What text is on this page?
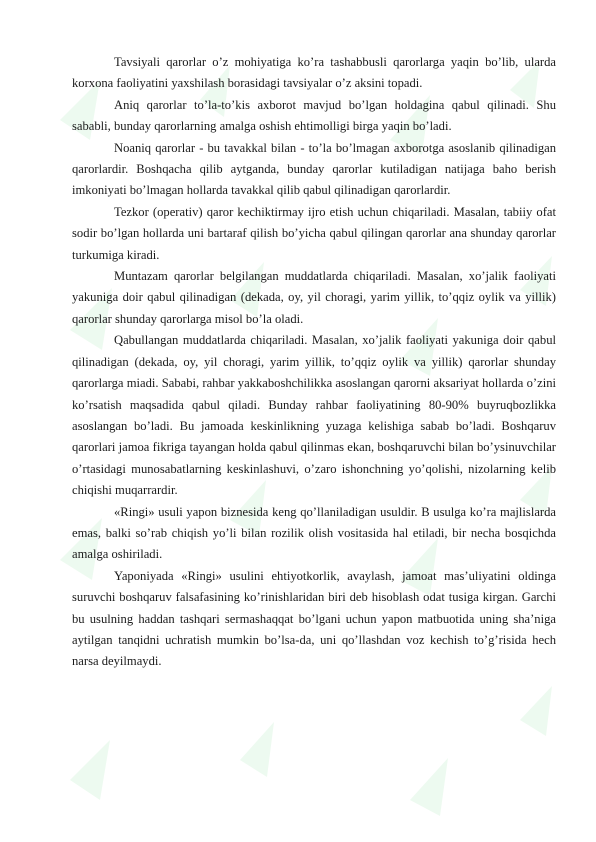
Tavsiyali qarorlar o’z mohiyatiga ko’ra tashabbusli qarorlarga yaqin bo’lib, ularda korxona faoliyatini yaxshilash borasidagi tavsiyalar o’z aksini topadi.

Aniq qarorlar to’la-to’kis axborot mavjud bo’lgan holdagina qabul qilinadi. Shu sababli, bunday qarorlarning amalga oshish ehtimolligi birga yaqin bo’ladi.

Noaniq qarorlar - bu tavakkal bilan - to’la bo’lmagan axborotga asoslanib qilinadigan qarorlardir. Boshqacha qilib aytganda, bunday qarorlar kutiladigan natijaga baho berish imkoniyati bo’lmagan hollarda tavakkal qilib qabul qilinadigan qarorlardir.

Tezkor (operativ) qaror kechiktirmay ijro etish uchun chiqariladi. Masalan, tabiiy ofat sodir bo’lgan hollarda uni bartaraf qilish bo’yicha qabul qilingan qarorlar ana shunday qarorlar turkumiga kiradi.

Muntazam qarorlar belgilangan muddatlarda chiqariladi. Masalan, xo’jalik faoliyati yakuniga doir qabul qilinadigan (dekada, oy, yil choragi, yarim yillik, to’qqiz oylik va yillik) qarorlar shunday qarorlarga misol bo’la oladi.

Qabullangan muddatlarda chiqariladi. Masalan, xo’jalik faoliyati yakuniga doir qabul qilinadigan (dekada, oy, yil choragi, yarim yillik, to’qqiz oylik va yillik) qarorlar shunday qarorlarga miadi. Sababi, rahbar yakkaboshchilikka asoslangan qarorni aksariyat hollarda o’zini ko’rsatish maqsadida qabul qiladi. Bunday rahbar faoliyatining 80-90% buyruqbozlikka asoslangan bo’ladi. Bu jamoada keskinlikning yuzaga kelishiga sabab bo’ladi. Boshqaruv qarorlari jamoa fikriga tayangan holda qabul qilinmas ekan, boshqaruvchi bilan bo’ysinuvchilar o’rtasidagi munosabatlarning keskinlashuvi, o’zaro ishonchning yo’qolishi, nizolarning kelib chiqishi muqarrardir.

«Ringi» usuli yapon biznesida keng qo’llaniladigan usuldir. B usulga ko’ra majlislarda emas, balki so’rab chiqish yo’li bilan rozilik olish vositasida hal etiladi, bir necha bosqichda amalga oshiriladi.

Yaponiyada «Ringi» usulini ehtiyotkorlik, avaylash, jamoat mas’uliyatini oldinga suruvchi boshqaruv falsafasining ko’rinishlaridan biri deb hisoblash odat tusiga kirgan. Garchi bu usulning haddan tashqari sermashaqqat bo’lgani uchun yapon matbuotida uning sha’niga aytilgan tanqidni uchratish mumkin bo’lsa-da, uni qo’llashdan voz kechish to’g’risida hech narsa deyilmaydi.
